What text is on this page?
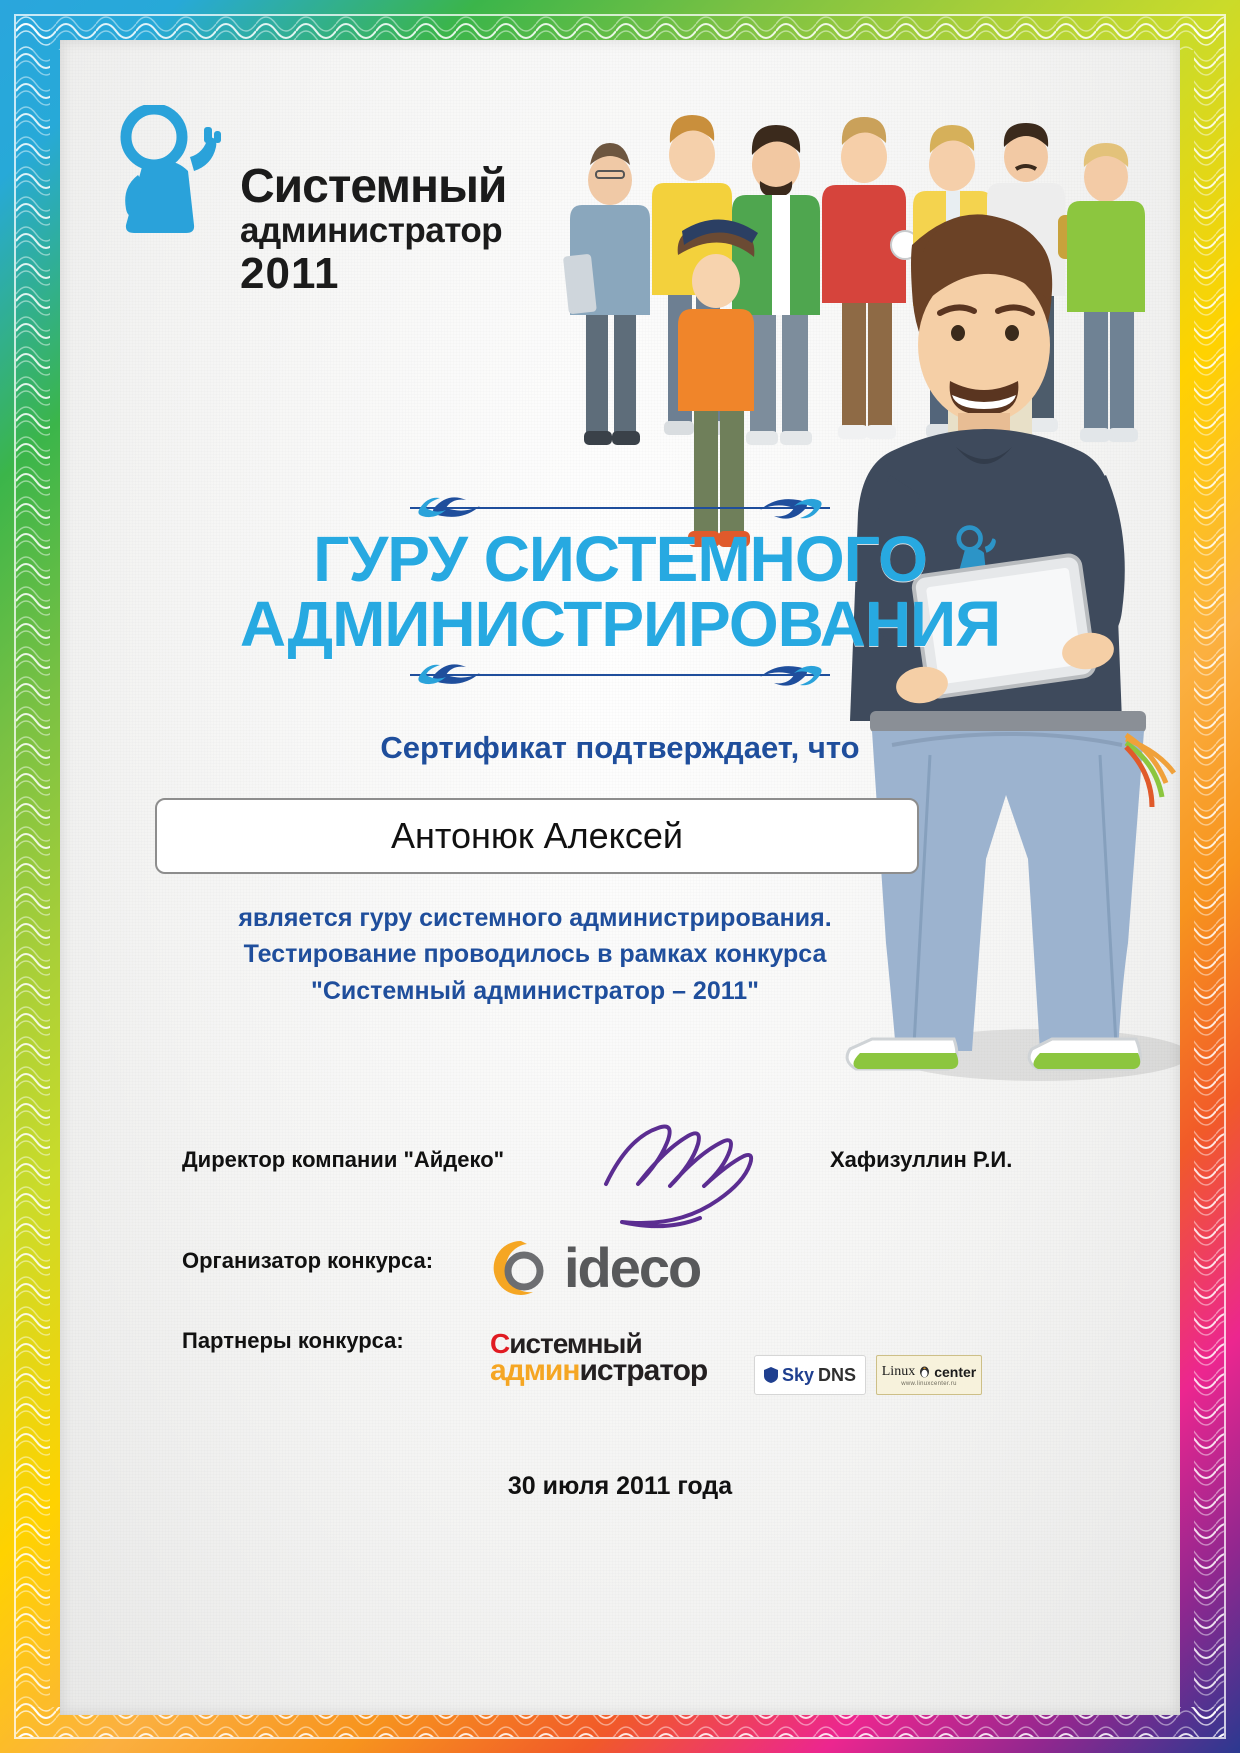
Системный
администратор
2011
ГУРУ СИСТЕМНОГО
АДМИНИСТРИРОВАНИЯ
Сертификат подтверждает, что
Антонюк Алексей
является гуру системного администрирования.
Тестирование проводилось в рамках конкурса
"Системный администратор – 2011"
Директор компании "Айдеко"	Хафизуллин Р.И.
Организатор конкурса: ideco
Партнеры конкурса:	Системный
администратор	Sky DNS Linux center
www.linuxcenter.ru
30 июля 2011 года
